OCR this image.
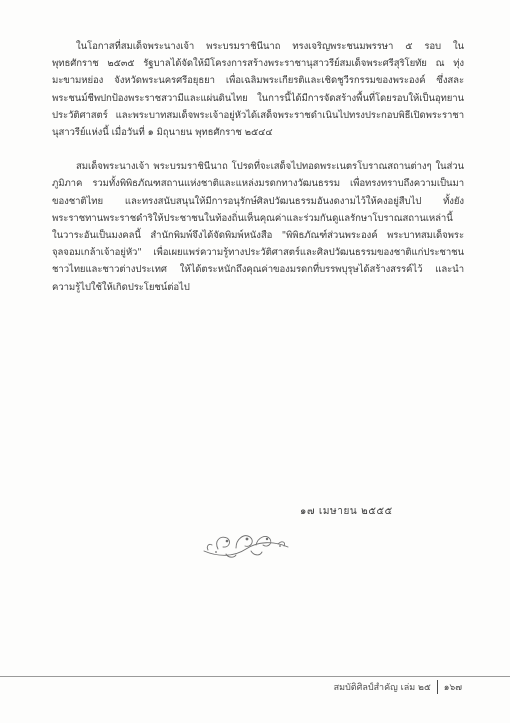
ในโอกาสที่สมเด็จพระนางเจ้า พระบรมราชินีนาถ ทรงเจริญพระชนมพรรษา ๕ รอบ ในพุทธศักราช ๒๕๓๕ รัฐบาลได้จัดให้มีโครงการสร้างพระราชานุสาวรีย์สมเด็จพระศรีสุริโยทัย ณ ทุ่งมะขามหย่อง จังหวัดพระนครศรีอยุธยา เพื่อเฉลิมพระเกียรติและเชิดชูวีรกรรมของพระองค์ ซึ่งสละพระชนม์ชีพปกป้องพระราชสวามีและแผ่นดินไทย ในการนี้ได้มีการจัดสร้างพื้นที่โดยรอบให้เป็นอุทยานประวัติศาสตร์ และพระบาทสมเด็จพระเจ้าอยู่หัวได้เสด็จพระราชดำเนินไปทรงประกอบพิธีเปิดพระราชานุสาวรีย์แห่งนี้ เมื่อวันที่ ๑ มิถุนายน พุทธศักราช ๒๕๔๔

สมเด็จพระนางเจ้า พระบรมราชินีนาถ โปรดที่จะเสด็จไปทอดพระเนตรโบราณสถานต่างๆ ในส่วนภูมิภาค รวมทั้งพิพิธภัณฑสถานแห่งชาติและแหล่งมรดกทางวัฒนธรรม เพื่อทรงทราบถึงความเป็นมาของชาติไทย และทรงสนับสนุนให้มีการอนุรักษ์ศิลปวัฒนธรรมอันงดงามไว้ให้คงอยู่สืบไป ทั้งยังพระราชทานพระราชดำริให้ประชาชนในท้องถิ่นเห็นคุณค่าและร่วมกันดูแลรักษาโบราณสถานเหล่านี้ ในวาระอันเป็นมงคลนี้ สำนักพิมพ์จึงได้จัดพิมพ์หนังสือ "พิพิธภัณฑ์ส่วนพระองค์ พระบาทสมเด็จพระจุลจอมเกล้าเจ้าอยู่หัว" เพื่อเผยแพร่ความรู้ทางประวัติศาสตร์และศิลปวัฒนธรรมของชาติแก่ประชาชนชาวไทยและชาวต่างประเทศ ให้ได้ตระหนักถึงคุณค่าของมรดกที่บรรพบุรุษได้สร้างสรรค์ไว้ และนำความรู้ไปใช้ให้เกิดประโยชน์ต่อไป

๑๗ เมษายน ๒๕๕๕
สมบัติศิลป์สำคัญ เล่ม ๒๕ ๑๖๗
